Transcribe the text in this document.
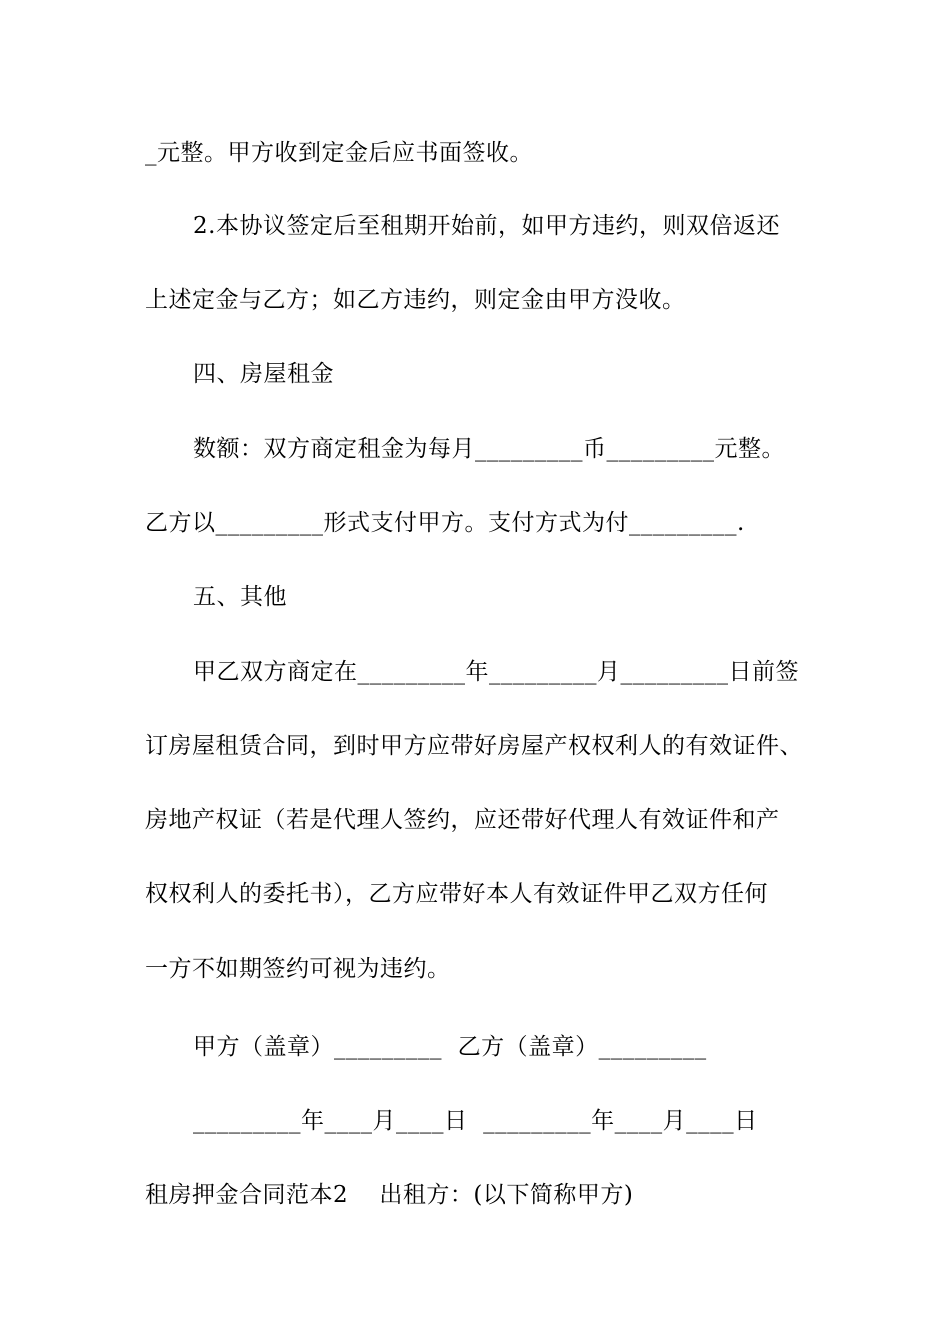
_元整。甲方收到定金后应书面签收。
2.本协议签定后至租期开始前，如甲方违约，则双倍返还
上述定金与乙方；如乙方违约，则定金由甲方没收。
四、房屋租金
数额：双方商定租金为每月_________币_________元整。
乙方以_________形式支付甲方。支付方式为付_________.
五、其他
甲乙双方商定在_________年_________月_________日前签
订房屋租赁合同，到时甲方应带好房屋产权权利人的有效证件、
房地产权证（若是代理人签约，应还带好代理人有效证件和产
权权利人的委托书），乙方应带好本人有效证件甲乙双方任何
一方不如期签约可视为违约。
甲方（盖章）_________  乙方（盖章）_________
_________年____月____日  _________年____月____日
租房押金合同范本2    出租方：(以下简称甲方)
